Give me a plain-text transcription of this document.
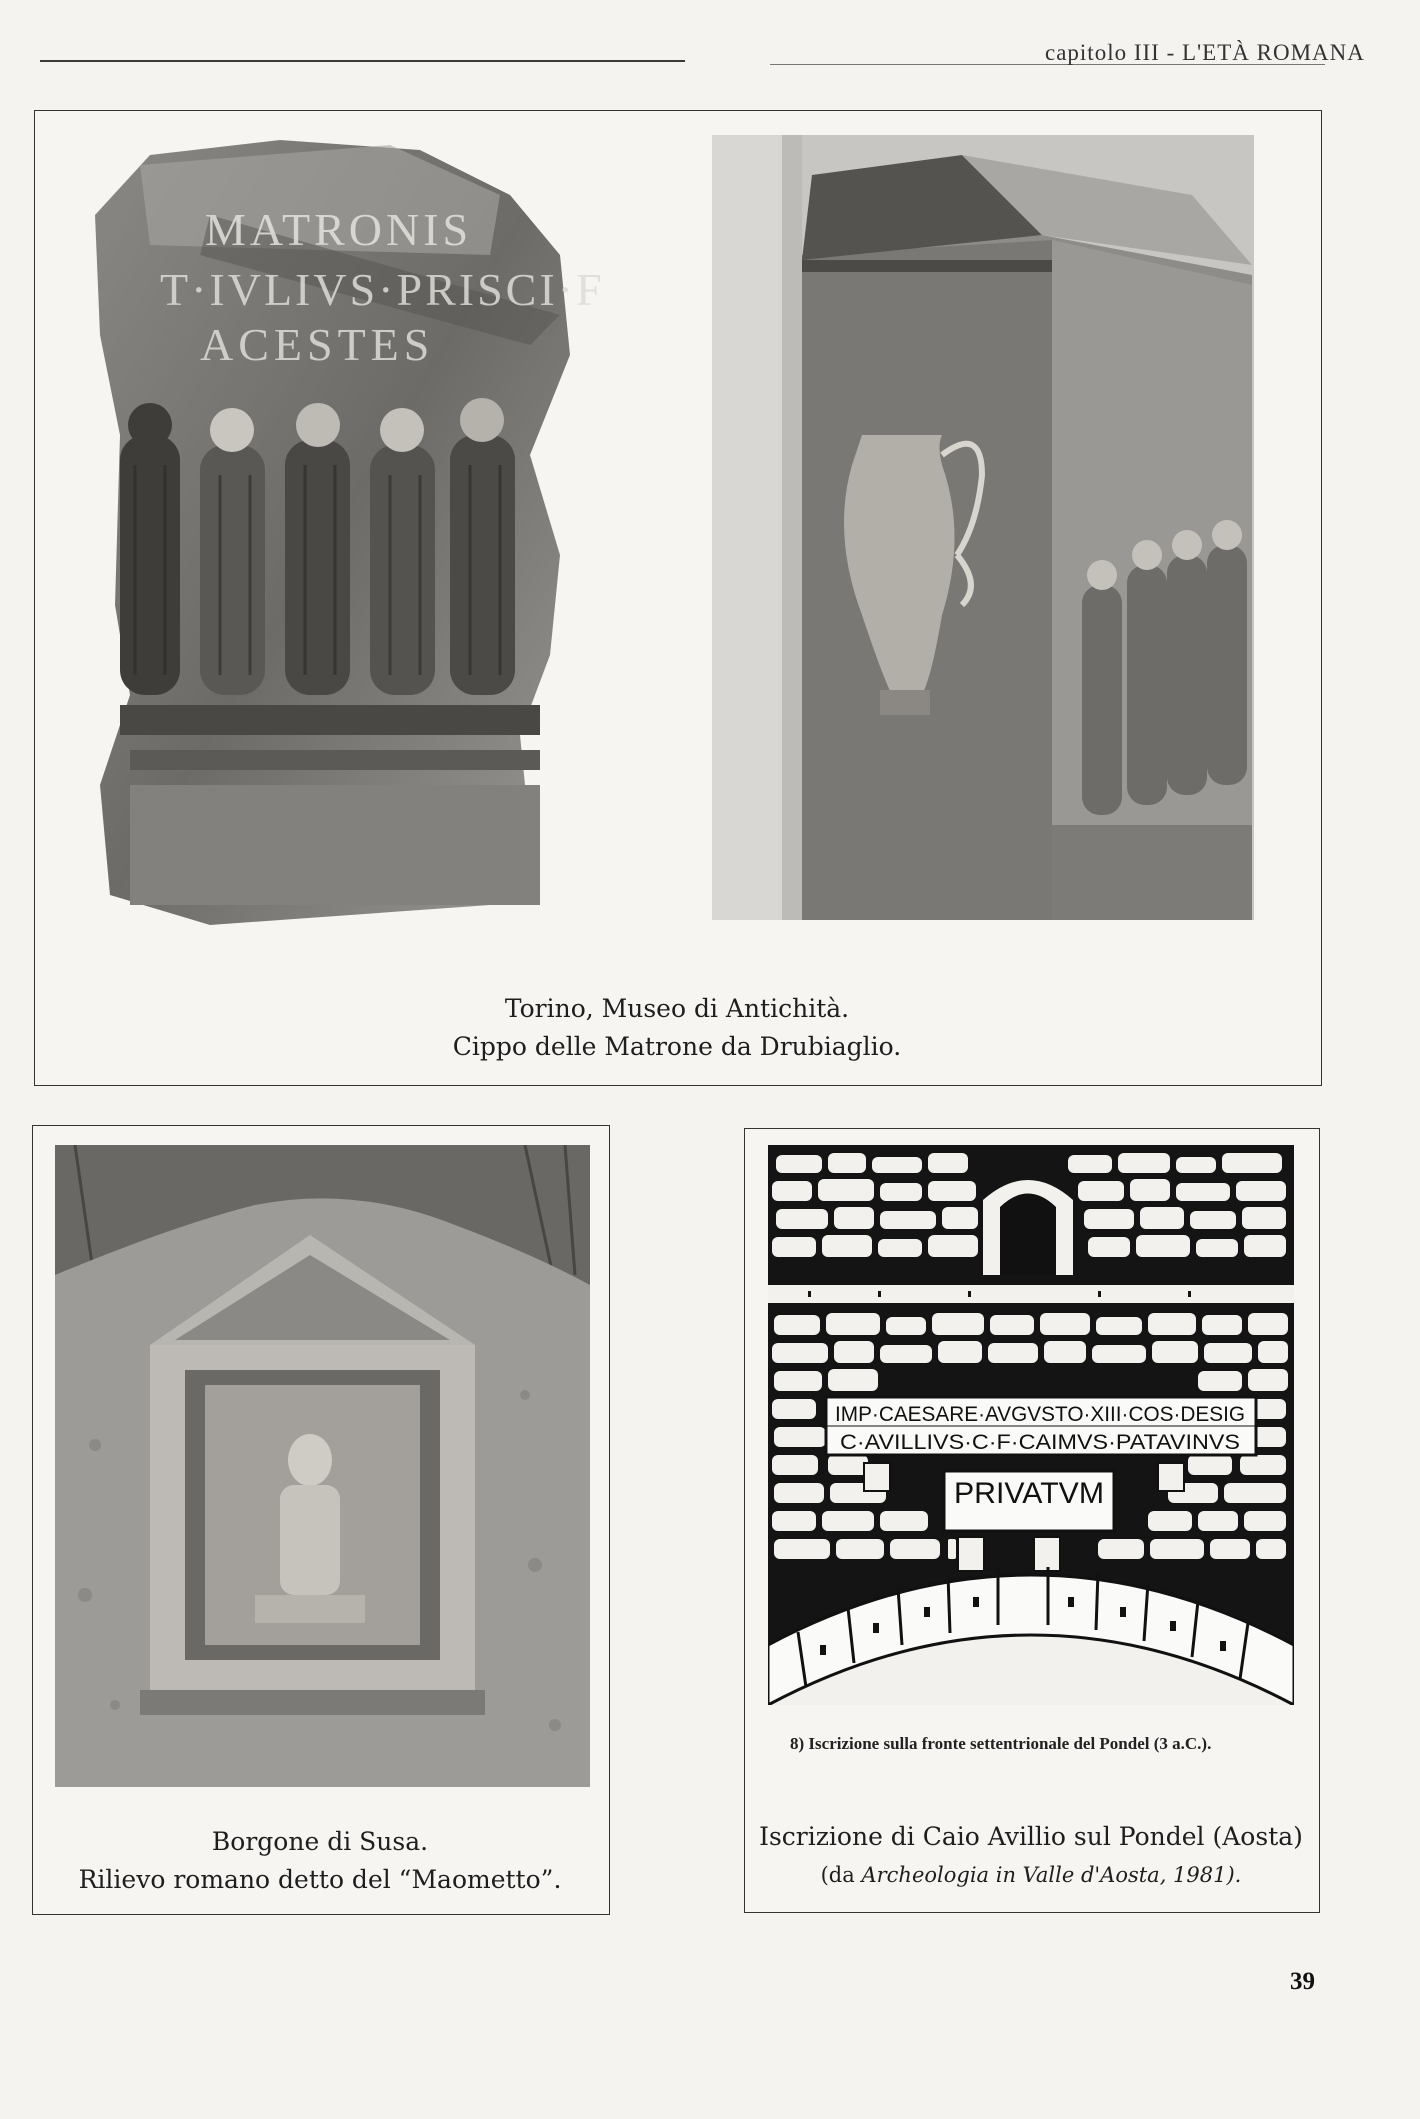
capitolo III - L'ETÀ ROMANA
MATRONIS
T·IVLIVS·PRISCI·F
ACESTES
Torino, Museo di Antichità.
Cippo delle Matrone da Drubiaglio.
Borgone di Susa.
Rilievo romano detto del “Maometto”.
IMP·CAESARE·AVGVSTO·XIII·COS·DESIG
C·AVILLIVS·C·F·CAIMVS·PATAVINVS
PRIVATVM
8) Iscrizione sulla fronte settentrionale del Pondel (3 a.C.).
Iscrizione di Caio Avillio sul Pondel (Aosta)
(da Archeologia in Valle d'Aosta, 1981).
39
